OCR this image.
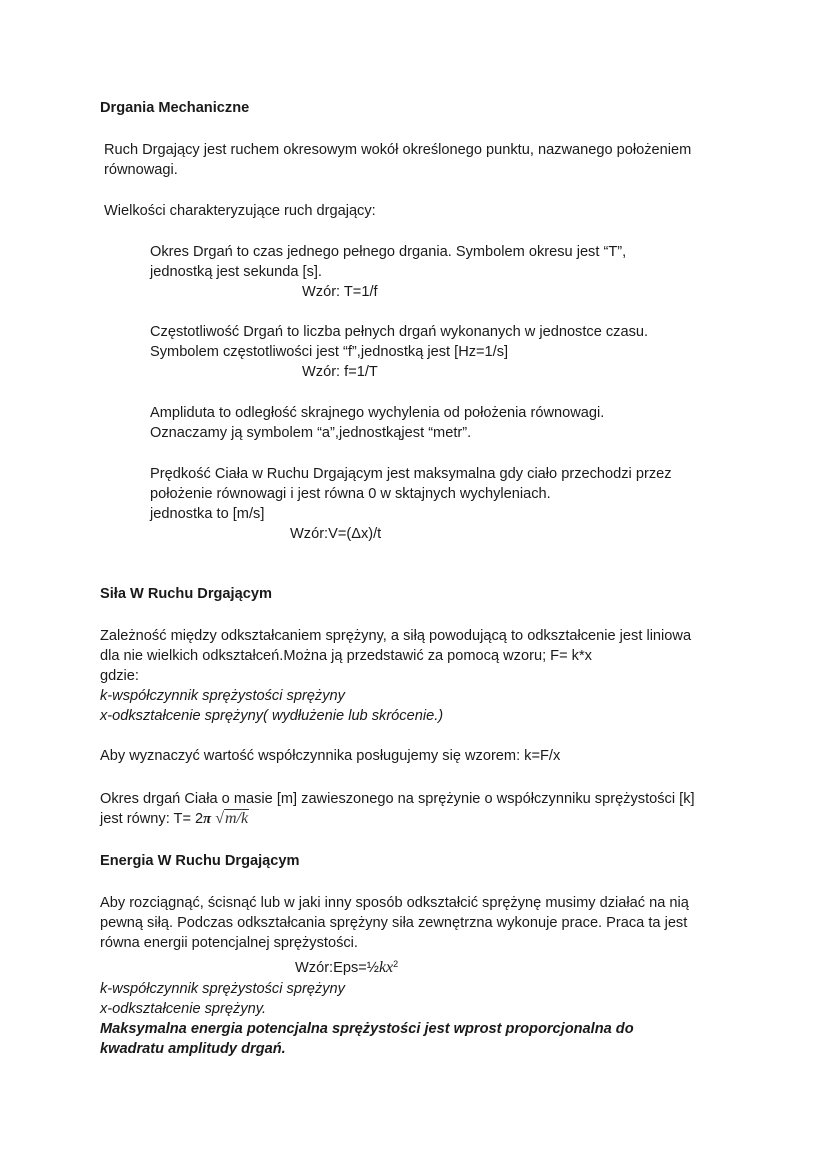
Drgania Mechaniczne
Ruch Drgający jest ruchem okresowym wokół określonego punktu, nazwanego położeniem
równowagi.
Wielkości charakteryzujące ruch drgający:
Okres Drgań to czas jednego pełnego drgania. Symbolem okresu jest “T”,
jednostką jest sekunda [s].
Wzór: T=1/f
Częstotliwość Drgań to liczba pełnych drgań wykonanych w jednostce czasu.
Symbolem częstotliwości jest “f”,jednostką jest [Hz=1/s]
Wzór: f=1/T
Ampliduta to odległość skrajnego wychylenia od położenia równowagi.
Oznaczamy ją symbolem “a”,jednostkąjest “metr”.
Prędkość Ciała w Ruchu Drgającym jest maksymalna gdy ciało przechodzi przez
położenie równowagi i jest równa 0 w sktajnych wychyleniach.
jednostka to [m/s]
Wzór:V=(Δx)/t
Siła W Ruchu Drgającym
Zależność między odkształcaniem sprężyny, a siłą powodującą to odkształcenie jest liniowa
dla nie wielkich odkształceń.Można ją przedstawić za pomocą wzoru; F= k*x
gdzie:
k-współczynnik sprężystości sprężyny
x-odkształcenie sprężyny( wydłużenie lub skrócenie.)
Aby wyznaczyć wartość współczynnika posługujemy się wzorem: k=F/x
Okres drgań Ciała o masie [m] zawieszonego na sprężynie o współczynniku sprężystości [k]
jest równy: T= 2π √m/k
Energia W Ruchu Drgającym
Aby rozciągnąć, ścisnąć lub w jaki inny sposób odkształcić sprężynę musimy działać na nią
pewną siłą. Podczas odkształcania sprężyny siła zewnętrzna wykonuje prace. Praca ta jest
równa energii potencjalnej sprężystości.
$Wzór:Eps=\frac{1}{2}kx^2$
k-współczynnik sprężystości sprężyny
x-odkształcenie sprężyny.
Maksymalna energia potencjalna sprężystości jest wprost proporcjonalna do
kwadratu amplitudy drgań.
